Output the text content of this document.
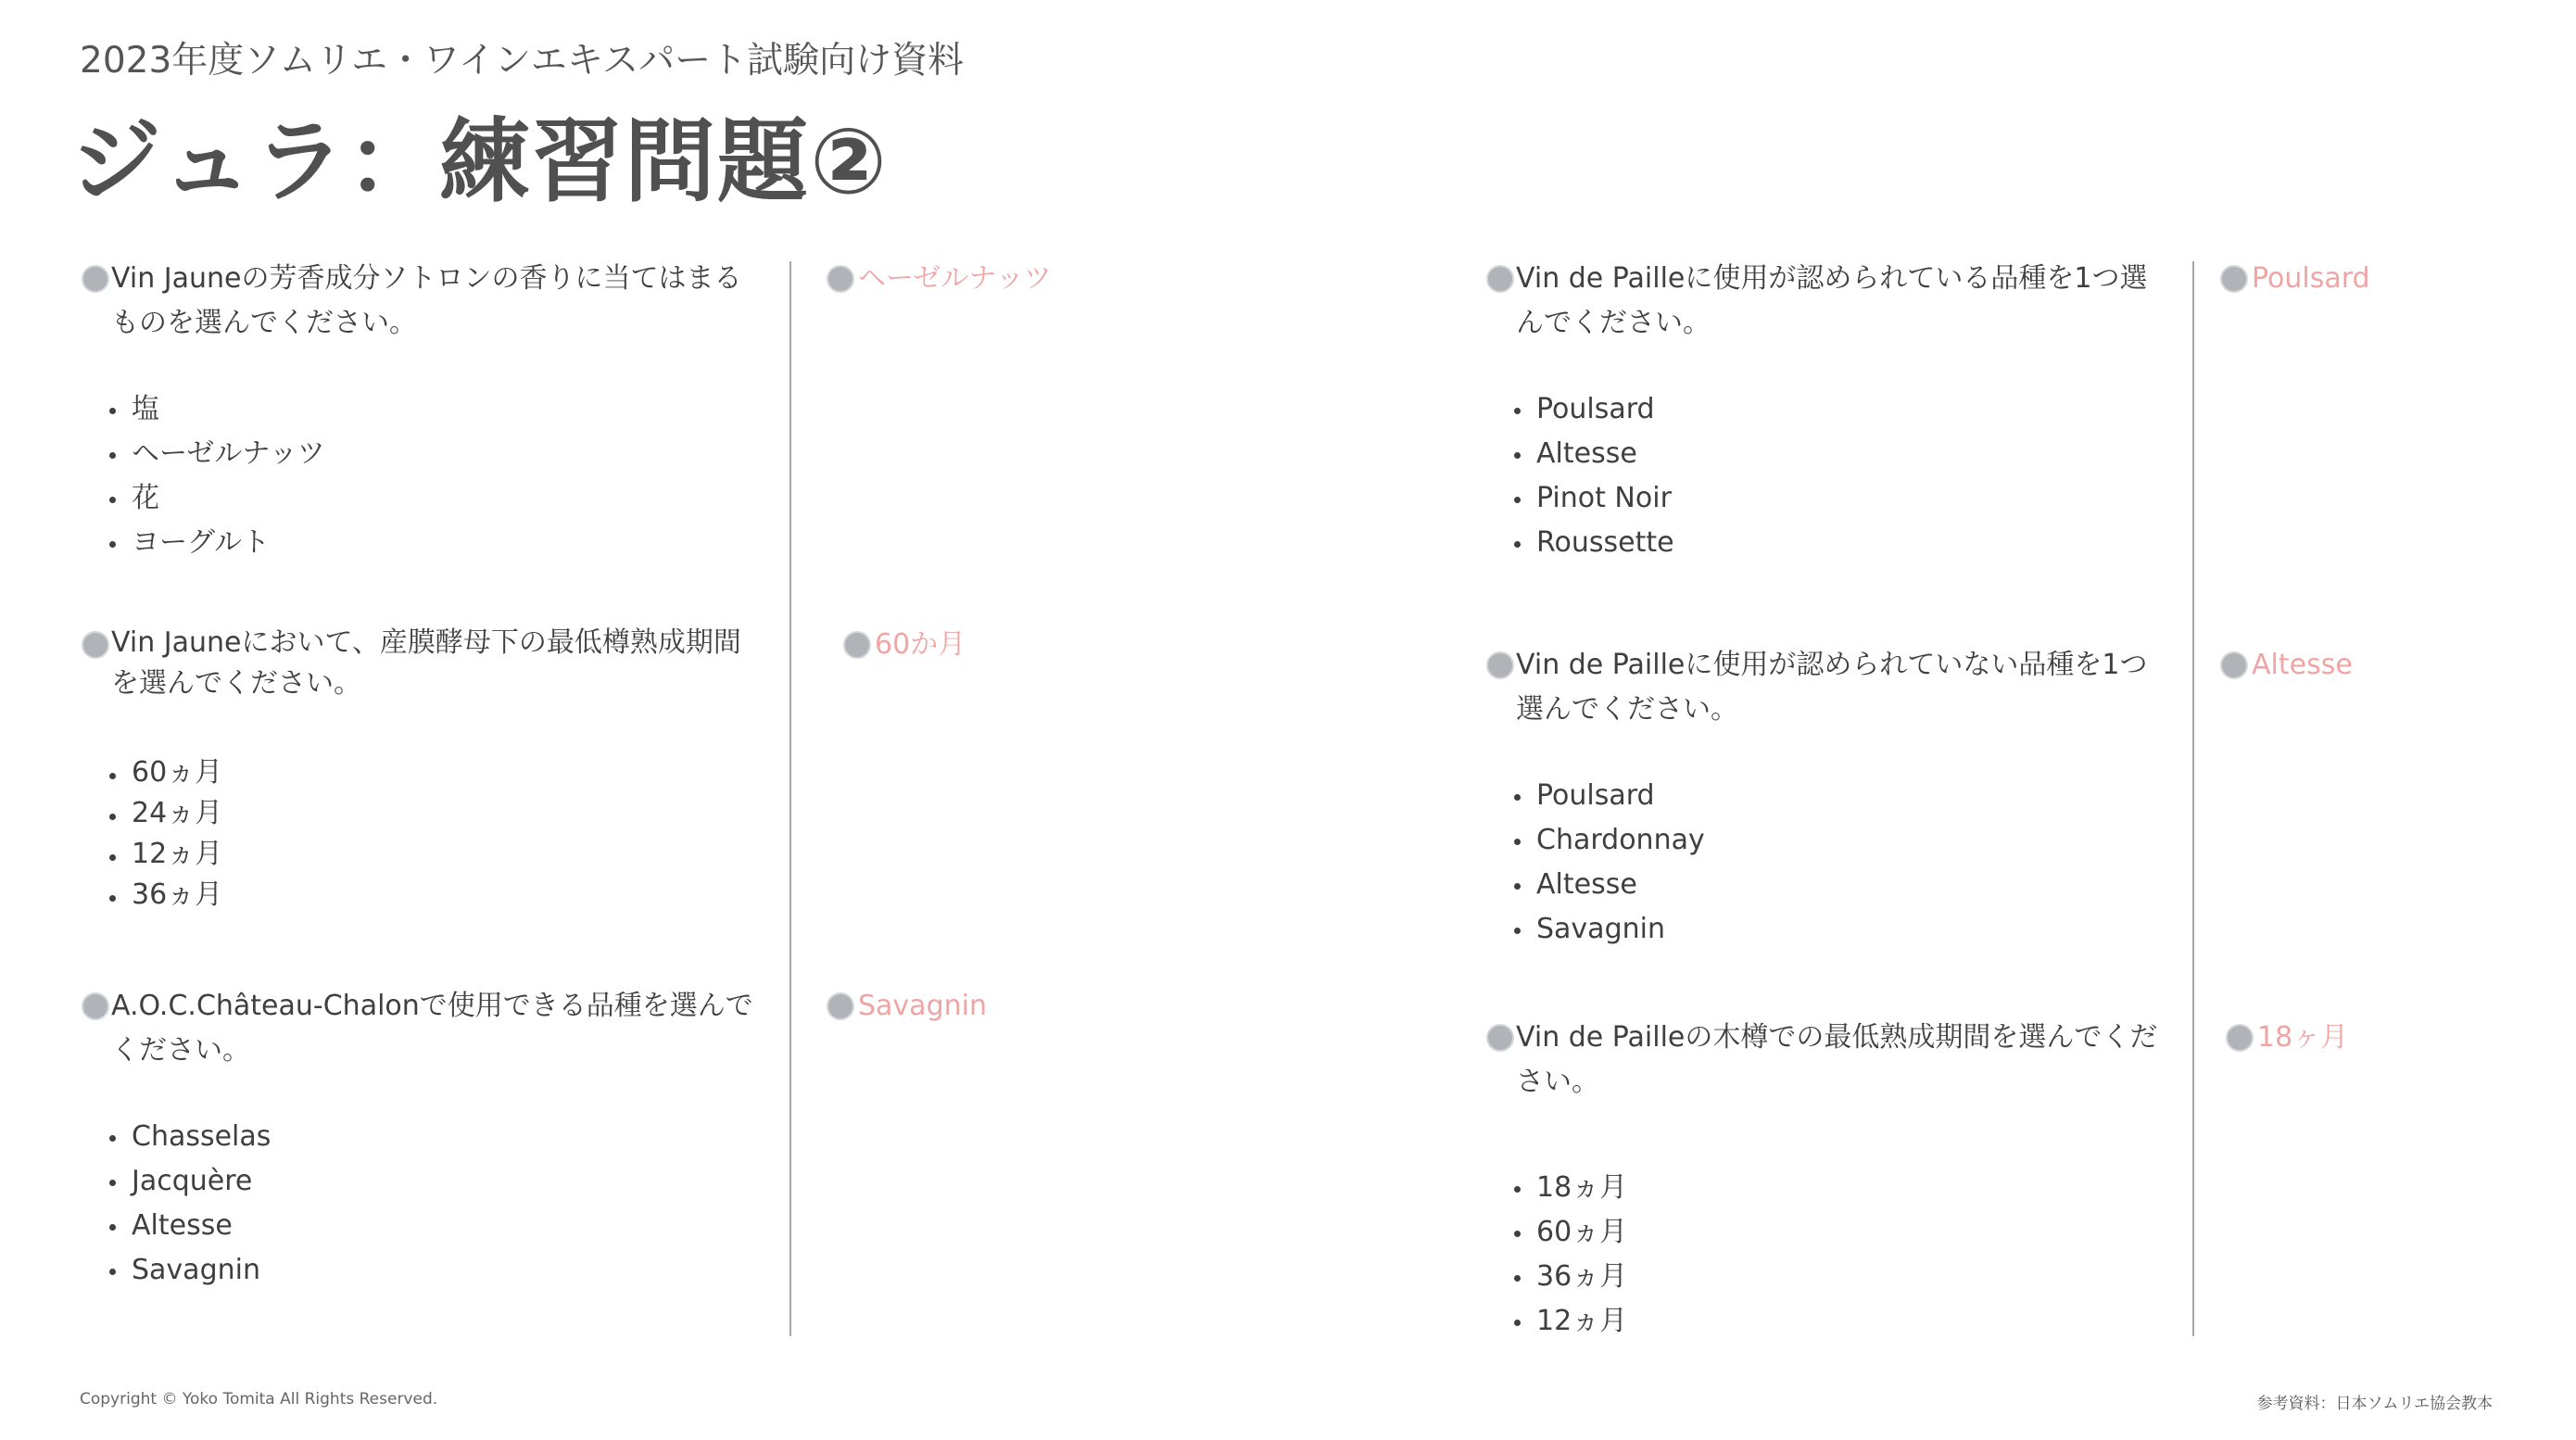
2023年度ソムリエ・ワインエキスパート試験向け資料
ジュラ：練習問題②
Vin Jauneの芳香成分ソトロンの香りに当てはまるものを選んでください。
塩
ヘーゼルナッツ
花
ヨーグルト
ヘーゼルナッツ
Vin Jauneにおいて、産膜酵母下の最低樽熟成期間を選んでください。
60ヵ月
24ヵ月
12ヵ月
36ヵ月
60か月
A.O.C.Château-Chalonで使用できる品種を選んでください。
Chasselas
Jacquère
Altesse
Savagnin
Savagnin
Vin de Pailleに使用が認められている品種を1つ選んでください。
Poulsard
Altesse
Pinot Noir
Roussette
Poulsard
Vin de Pailleに使用が認められていない品種を1つ選んでください。
Poulsard
Chardonnay
Altesse
Savagnin
Altesse
Vin de Pailleの木樽での最低熟成期間を選んでください。
18ヵ月
60ヵ月
36ヵ月
12ヵ月
18ヶ月
Copyright © Yoko Tomita All Rights Reserved.	参考資料：日本ソムリエ協会教本
